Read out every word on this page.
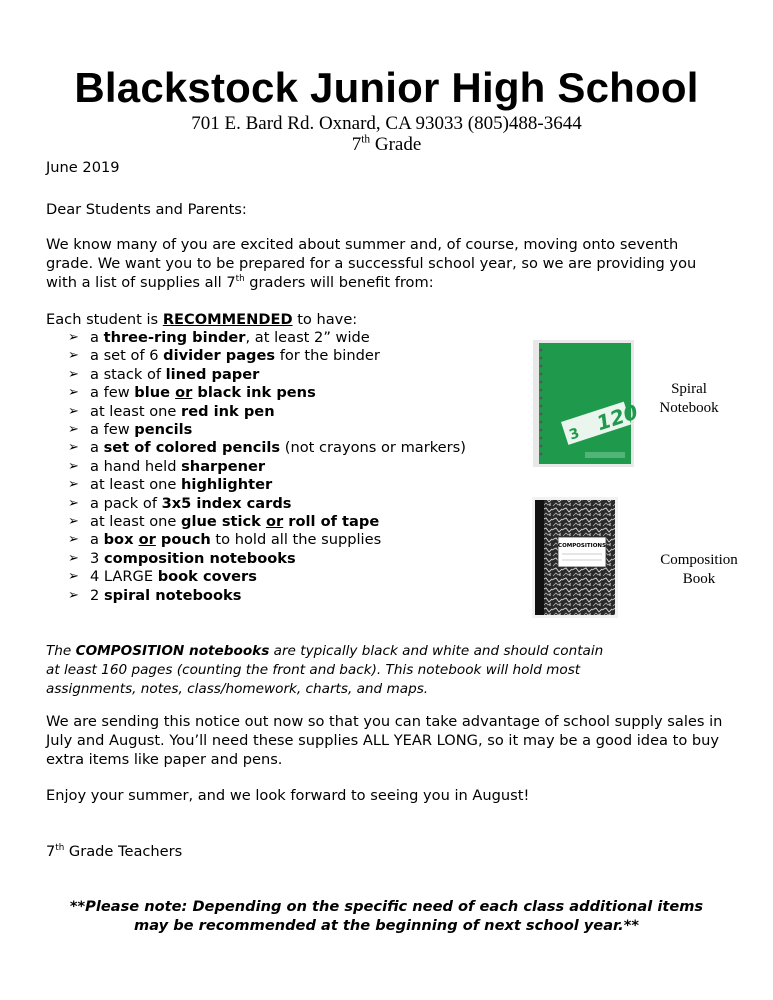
Blackstock Junior High School
701 E. Bard Rd. Oxnard, CA 93033 (805)488-3644
7th Grade
June 2019
Dear Students and Parents:
We know many of you are excited about summer and, of course, moving onto seventh grade. We want you to be prepared for a successful school year, so we are providing you with a list of supplies all 7th graders will benefit from:
Each student is RECOMMENDED to have:
➢ a three-ring binder, at least 2” wide
➢ a set of 6 divider pages for the binder
➢ a stack of lined paper
➢ a few blue or black ink pens
➢ at least one red ink pen
➢ a few pencils
➢ a set of colored pencils (not crayons or markers)
➢ a hand held sharpener
➢ at least one highlighter
➢ a pack of 3x5 index cards
➢ at least one glue stick or roll of tape
➢ a box or pouch to hold all the supplies
➢ 3 composition notebooks
➢ 4 LARGE book covers
➢ 2 spiral notebooks
120
3
Spiral
Notebook
COMPOSITIONS
Composition
Book
The COMPOSITION notebooks are typically black and white and should contain at least 160 pages (counting the front and back). This notebook will hold most assignments, notes, class/homework, charts, and maps.
We are sending this notice out now so that you can take advantage of school supply sales in July and August. You’ll need these supplies ALL YEAR LONG, so it may be a good idea to buy extra items like paper and pens.
Enjoy your summer, and we look forward to seeing you in August!
7th Grade Teachers
**Please note: Depending on the specific need of each class additional items
may be recommended at the beginning of next school year.**
